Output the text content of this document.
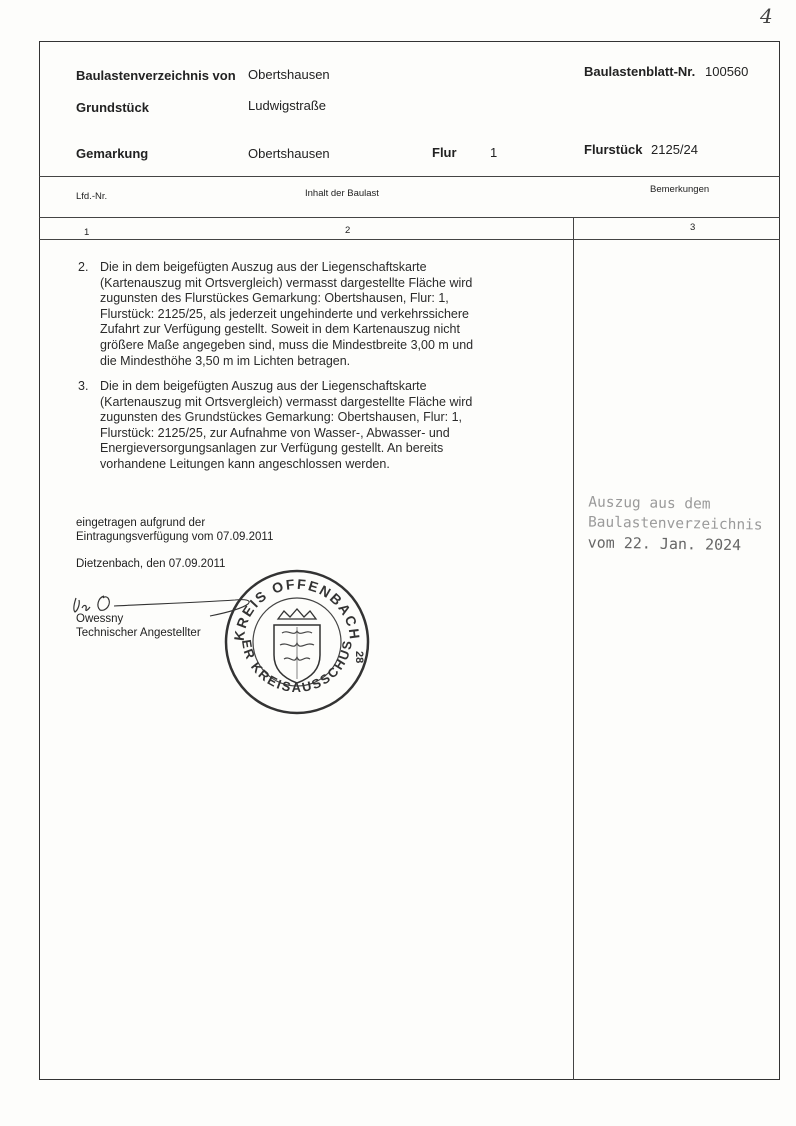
4
Baulastenverzeichnis von Obertshausen	Baulastenblatt-Nr. 100560
Grundstück	Ludwigstraße
Gemarkung	Obertshausen	Flur	1	Flurstück 2125/24
Lfd.-Nr.	Inhalt der Baulast	Bemerkungen
1	2	3
2. Die in dem beigefügten Auszug aus der Liegenschaftskarte
(Kartenauszug mit Ortsvergleich) vermasst dargestellte Fläche wird
zugunsten des Flurstückes Gemarkung: Obertshausen, Flur: 1,
Flurstück: 2125/25, als jederzeit ungehinderte und verkehrssichere
Zufahrt zur Verfügung gestellt. Soweit in dem Kartenauszug nicht
größere Maße angegeben sind, muss die Mindestbreite 3,00 m und
die Mindesthöhe 3,50 m im Lichten betragen.
3. Die in dem beigefügten Auszug aus der Liegenschaftskarte
(Kartenauszug mit Ortsvergleich) vermasst dargestellte Fläche wird
zugunsten des Grundstückes Gemarkung: Obertshausen, Flur: 1,
Flurstück: 2125/25, zur Aufnahme von Wasser-, Abwasser- und
Energieversorgungsanlagen zur Verfügung gestellt. An bereits
vorhandene Leitungen kann angeschlossen werden.
eingetragen aufgrund der
Eintragungsverfügung vom 07.09.2011
Dietzenbach, den 07.09.2011
Owessny
Technischer Angestellter KREIS OFFENBACH
ER KREISAUSSCHUS
28
Auszug aus dem
Baulastenverzeichnis
vom 22. Jan. 2024
